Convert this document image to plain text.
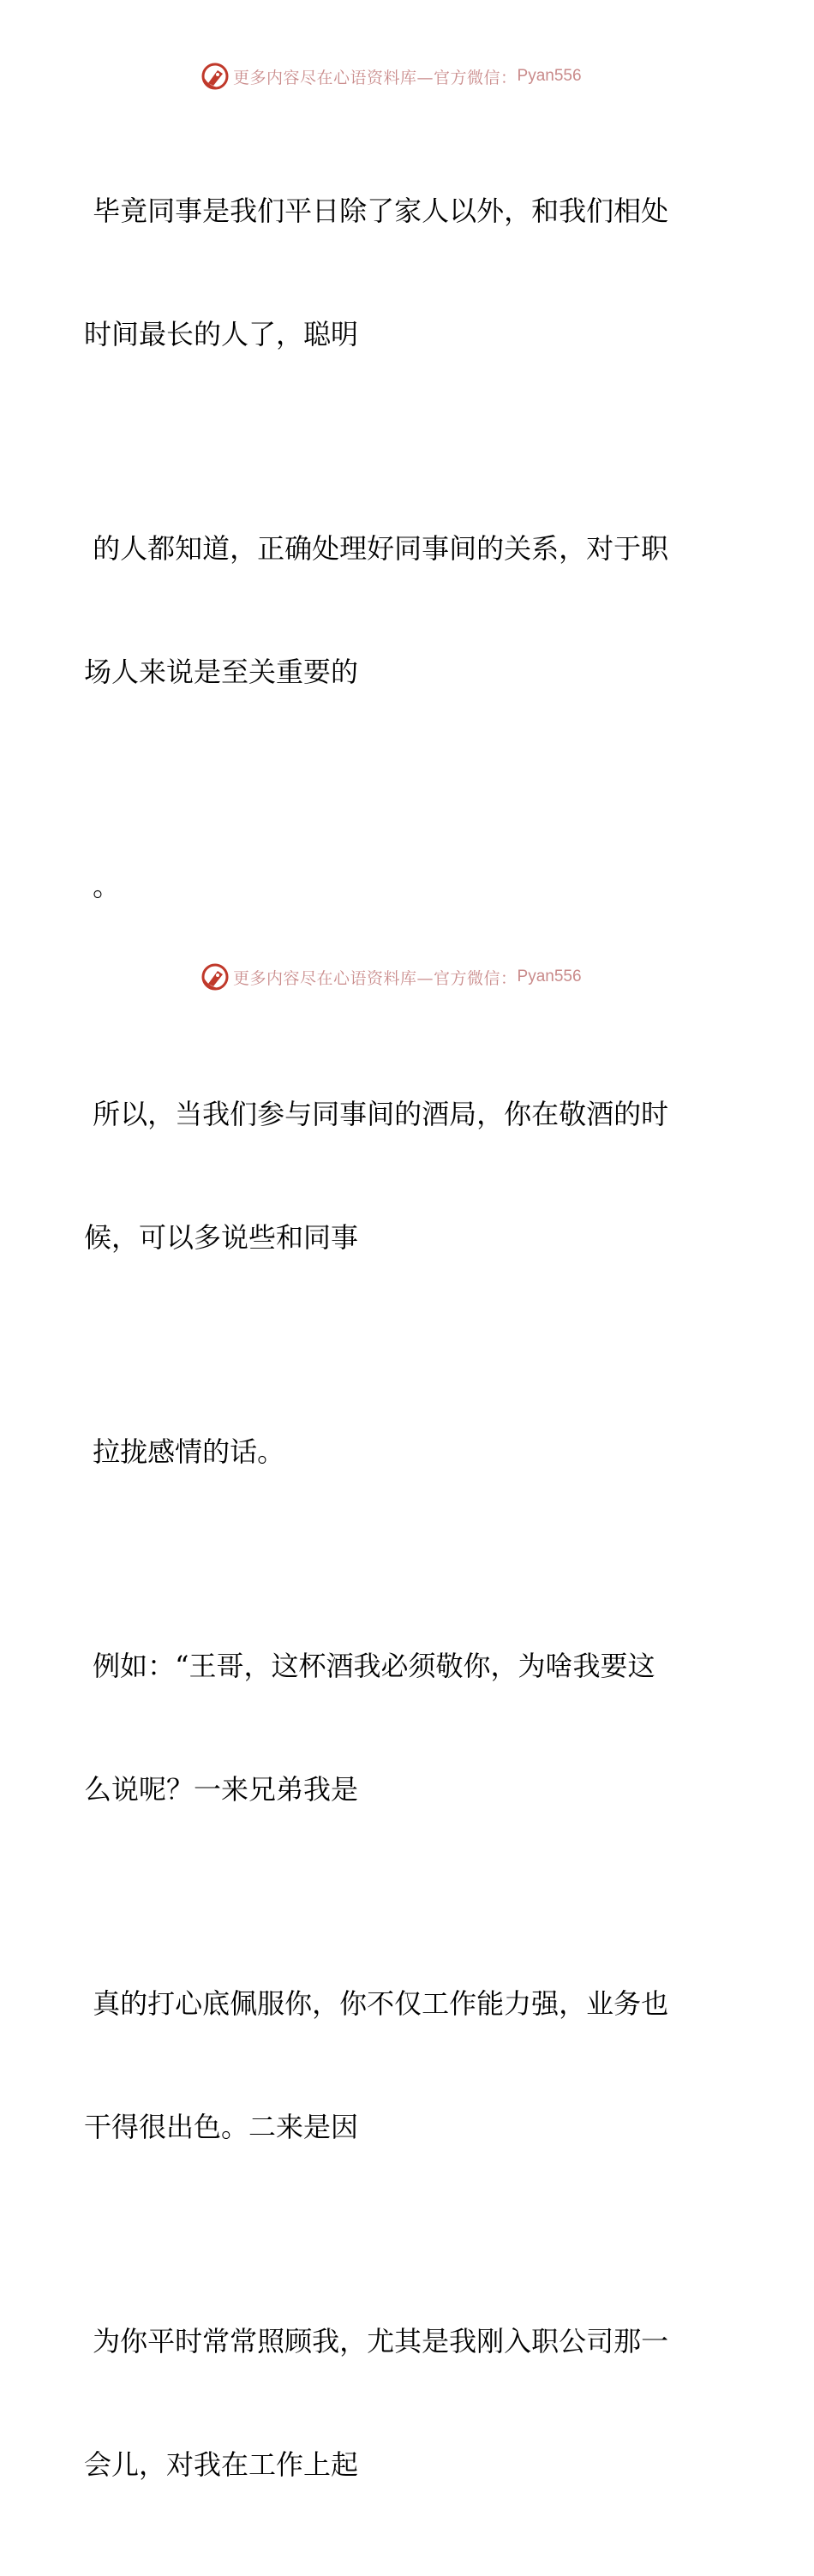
更多内容尽在心语资料库—官方微信： Pyan556

毕竟同事是我们平日除了家人以外，和我们相处

时间最长的人了，聪明

的人都知道，正确处理好同事间的关系，对于职

场人来说是至关重要的

。

所以，当我们参与同事间的酒局，你在敬酒的时

候，可以多说些和同事

拉拢感情的话。

例如：“王哥，这杯酒我必须敬你，为啥我要这

么说呢？一来兄弟我是

真的打心底佩服你，你不仅工作能力强，业务也

干得很出色。二来是因

为你平时常常照顾我，尤其是我刚入职公司那一

会儿，对我在工作上起

更多内容尽在心语资料库—官方微信： Pyan556
